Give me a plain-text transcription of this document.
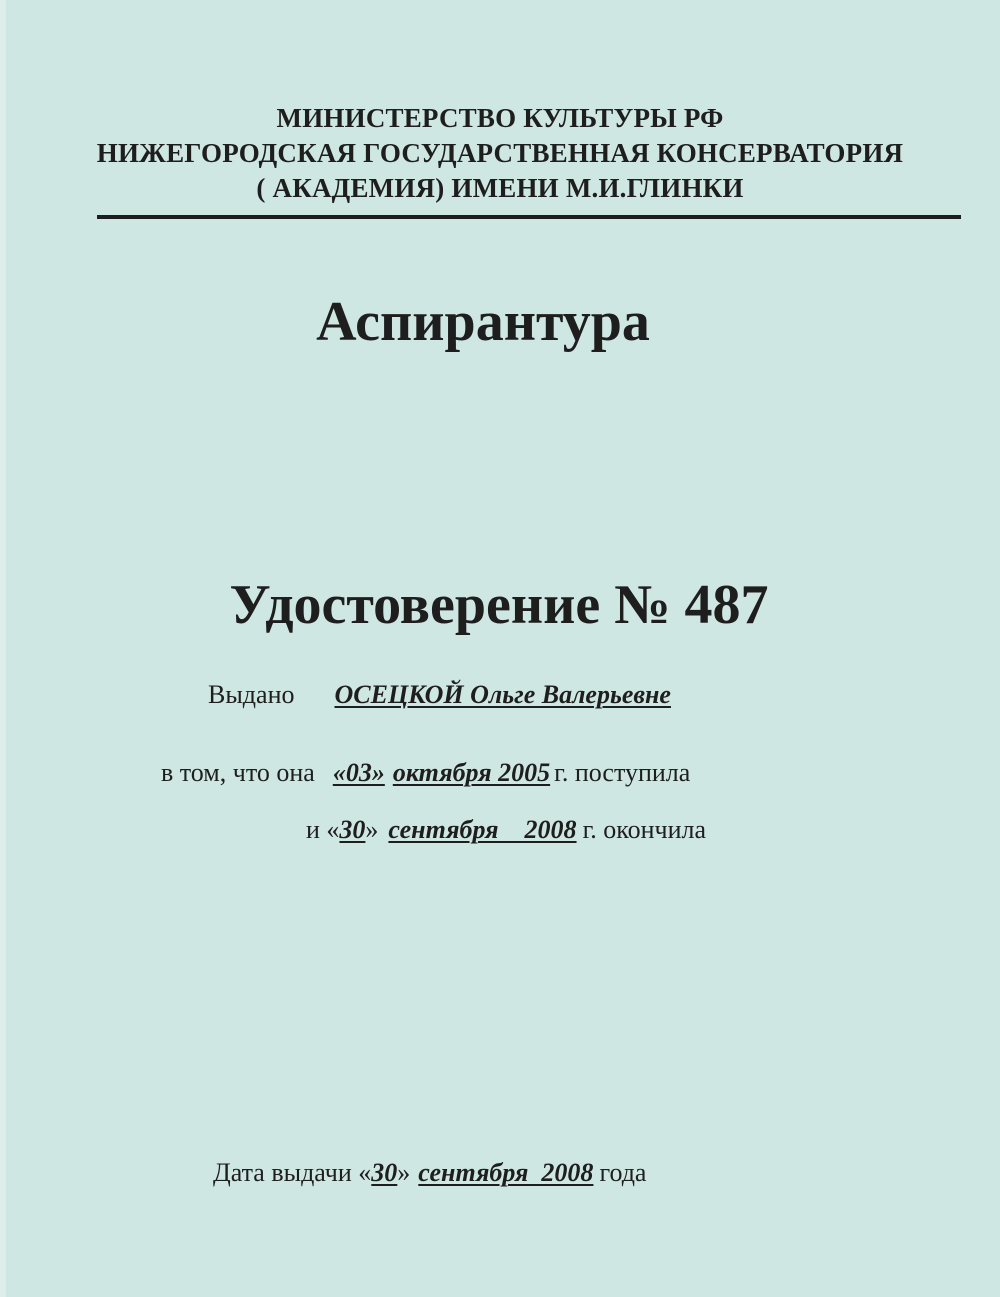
МИНИСТЕРСТВО КУЛЬТУРЫ РФ
НИЖЕГОРОДСКАЯ ГОСУДАРСТВЕННАЯ КОНСЕРВАТОРИЯ
( АКАДЕМИЯ) ИМЕНИ М.И.ГЛИНКИ
Аспирантура
Удостоверение № 487
Выдано ОСЕЦКОЙ Ольге Валерьевне
в том, что она «03» октября 2005 г. поступила
и «30» сентября    2008 г. окончила
Дата выдачи «30» сентября  2008 года
